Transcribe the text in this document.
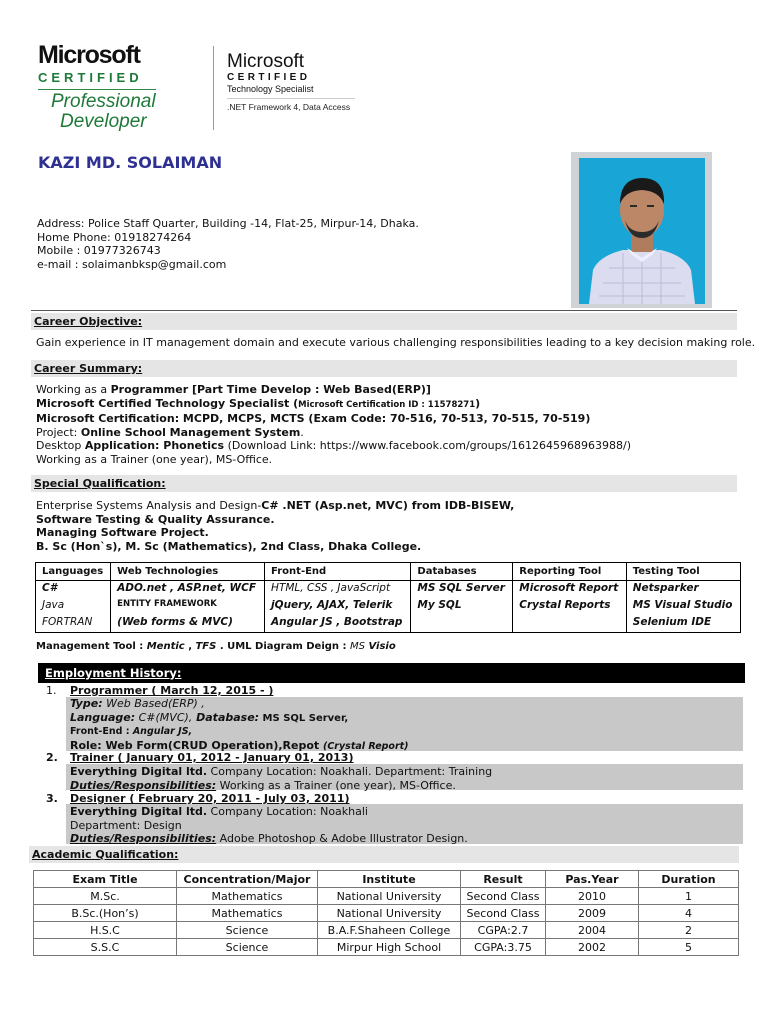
Microsoft
CERTIFIED
Professional
Developer
Microsoft
CERTIFIED
Technology Specialist
.NET Framework 4, Data Access
KAZI MD. SOLAIMAN
Address: Police Staff Quarter, Building -14, Flat-25, Mirpur-14, Dhaka.
Home Phone: 01918274264
Mobile : 01977326743
e-mail : solaimanbksp@gmail.com
Career Objective:
Gain experience in IT management domain and execute various challenging responsibilities leading to a key decision making role.
Career Summary:
Working as a Programmer [Part Time Develop : Web Based(ERP)]
Microsoft Certified Technology Specialist (Microsoft Certification ID : 11578271)
Microsoft Certification: MCPD, MCPS, MCTS (Exam Code: 70-516, 70-513, 70-515, 70-519)
Project: Online School Management System.
Desktop Application: Phonetics (Download Link: https://www.facebook.com/groups/1612645968963988/)
Working as a Trainer (one year), MS-Office.
Special Qualification:
Enterprise Systems Analysis and Design-C# .NET (Asp.net, MVC) from IDB-BISEW,
Software Testing & Quality Assurance.
Managing Software Project.
B. Sc (Hon`s), M. Sc (Mathematics), 2nd Class, Dhaka College.
Languages	Web Technologies	Front-End	Databases	Reporting Tool	Testing Tool
C#	ADO.net , ASP.net, WCF	HTML, CSS , JavaScript	MS SQL Server	Microsoft Report	Netsparker
Java	ENTITY FRAMEWORK	jQuery, AJAX, Telerik	My SQL	Crystal Reports	MS Visual Studio
FORTRAN	(Web forms & MVC)	Angular JS , Bootstrap			Selenium IDE
Management Tool : Mentic , TFS . UML Diagram Deign : MS Visio
Employment History:
1. Programmer ( March 12, 2015 - )
Type: Web Based(ERP) ,
Language: C#(MVC), Database: MS SQL Server,
Front-End : Angular JS,
Role: Web Form(CRUD Operation),Repot (Crystal Report)
2. Trainer ( January 01, 2012 - January 01, 2013)
Everything Digital ltd. Company Location: Noakhali. Department: Training
Duties/Responsibilities: Working as a Trainer (one year), MS-Office.
3. Designer ( February 20, 2011 - July 03, 2011)
Everything Digital ltd. Company Location: Noakhali
Department: Design
Duties/Responsibilities: Adobe Photoshop & Adobe Illustrator Design.
Academic Qualification:
Exam Title	Concentration/Major	Institute	Result	Pas.Year	Duration
M.Sc.	Mathematics	National University	Second Class	2010	1
B.Sc.(Hon’s)	Mathematics	National University	Second Class	2009	4
H.S.C	Science	B.A.F.Shaheen College	CGPA:2.7	2004	2
S.S.C	Science	Mirpur High School	CGPA:3.75	2002	5
